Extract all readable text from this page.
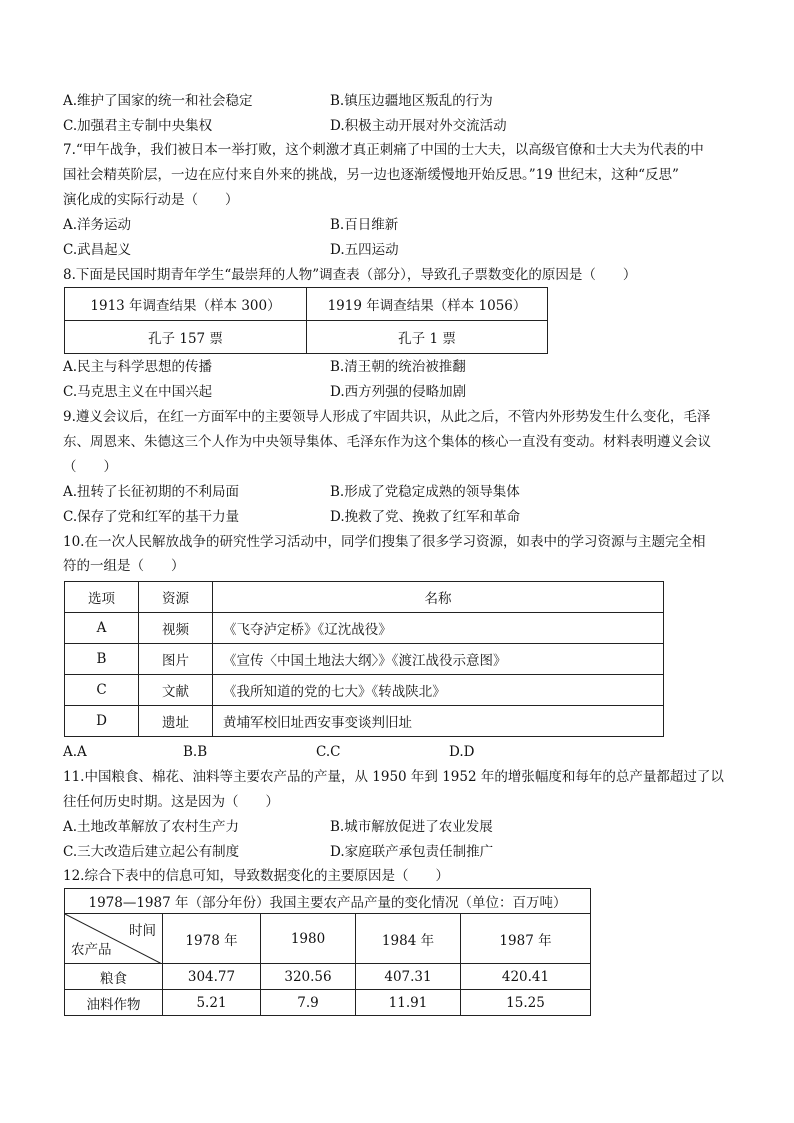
A.维护了国家的统一和社会稳定	B.镇压边疆地区叛乱的行为
C.加强君主专制中央集权	D.积极主动开展对外交流活动
7.“甲午战争，我们被日本一举打败，这个刺激才真正刺痛了中国的士大夫，以高级官僚和士大夫为代表的中
国社会精英阶层，一边在应付来自外来的挑战，另一边也逐渐缓慢地开始反思。”19 世纪末，这种“反思”
演化成的实际行动是（　　）
A.洋务运动	B.百日维新
C.武昌起义	D.五四运动
8.下面是民国时期青年学生“最崇拜的人物”调查表（部分），导致孔子票数变化的原因是（　　）
1913 年调查结果（样本 300）	1919 年调查结果（样本 1056）
孔子 157 票	孔子 1 票
A.民主与科学思想的传播	B.清王朝的统治被推翻
C.马克思主义在中国兴起	D.西方列强的侵略加剧
9.遵义会议后，在红一方面军中的主要领导人形成了牢固共识，从此之后，不管内外形势发生什么变化，毛泽
东、周恩来、朱德这三个人作为中央领导集体、毛泽东作为这个集体的核心一直没有变动。材料表明遵义会议
（　　）
A.扭转了长征初期的不利局面	B.形成了党稳定成熟的领导集体
C.保存了党和红军的基干力量	D.挽救了党、挽救了红军和革命
10.在一次人民解放战争的研究性学习活动中，同学们搜集了很多学习资源，如表中的学习资源与主题完全相
符的一组是（　　）
选项	资源	名称
A	视频	《飞夺泸定桥》《辽沈战役》
B	图片	《宣传〈中国土地法大纲〉》《渡江战役示意图》
C	文献	《我所知道的党的七大》《转战陕北》
D	遗址	黄埔军校旧址西安事变谈判旧址
A.A	B.B	C.C	D.D
11.中国粮食、棉花、油料等主要农产品的产量，从 1950 年到 1952 年的增张幅度和每年的总产量都超过了以
往任何历史时期。这是因为（　　）
A.土地改革解放了农村生产力	B.城市解放促进了农业发展
C.三大改造后建立起公有制度	D.家庭联产承包责任制推广
12.综合下表中的信息可知，导致数据变化的主要原因是（　　）
1978—1987 年（部分年份）我国主要农产品产量的变化情况（单位：百万吨）				

时间
农产品	1978 年	1980	1984 年	1987 年
粮食	304.77	320.56	407.31	420.41
油料作物	5.21	7.9	11.91	15.25
